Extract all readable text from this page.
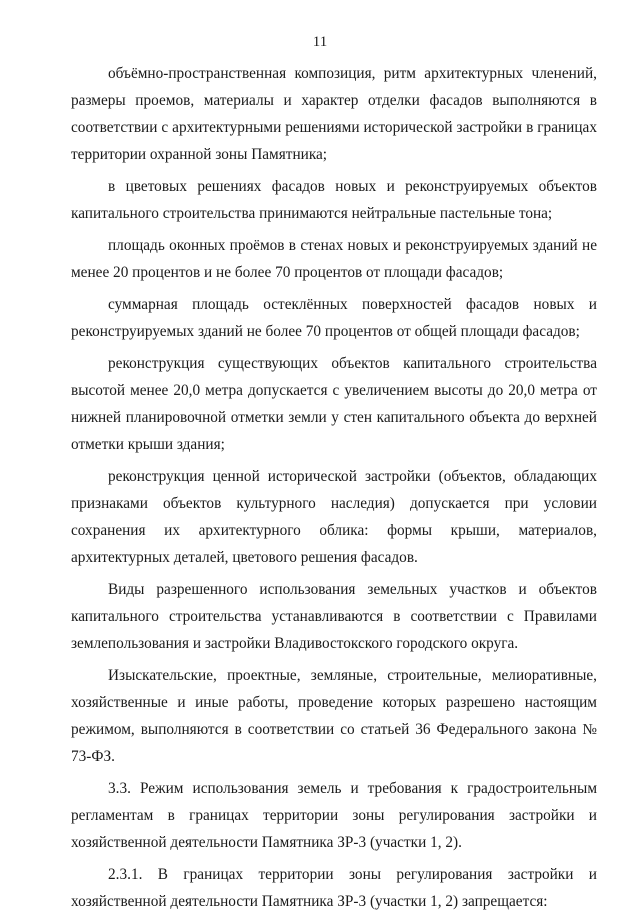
11

объёмно-пространственная композиция, ритм архитектурных членений, размеры проемов, материалы и характер отделки фасадов выполняются в соответствии с архитектурными решениями исторической застройки в границах территории охранной зоны Памятника;

в цветовых решениях фасадов новых и реконструируемых объектов капитального строительства принимаются нейтральные пастельные тона;

площадь оконных проёмов в стенах новых и реконструируемых зданий не менее 20 процентов и не более 70 процентов от площади фасадов;

суммарная площадь остеклённых поверхностей фасадов новых и реконструируемых зданий не более 70 процентов от общей площади фасадов;

реконструкция существующих объектов капитального строительства высотой менее 20,0 метра допускается с увеличением высоты до 20,0 метра от нижней планировочной отметки земли у стен капитального объекта до верхней отметки крыши здания;

реконструкция ценной исторической застройки (объектов, обладающих признаками объектов культурного наследия) допускается при условии сохранения их архитектурного облика: формы крыши, материалов, архитектурных деталей, цветового решения фасадов.

Виды разрешенного использования земельных участков и объектов капитального строительства устанавливаются в соответствии с Правилами землепользования и застройки Владивостокского городского округа.

Изыскательские, проектные, земляные, строительные, мелиоративные, хозяйственные и иные работы, проведение которых разрешено настоящим режимом, выполняются в соответствии со статьей 36 Федерального закона № 73-ФЗ.

3.3. Режим использования земель и требования к градостроительным регламентам в границах территории зоны регулирования застройки и хозяйственной деятельности Памятника ЗР-3 (участки 1, 2).

2.3.1. В границах территории зоны регулирования застройки и хозяйственной деятельности Памятника ЗР-3 (участки 1, 2) запрещается:
